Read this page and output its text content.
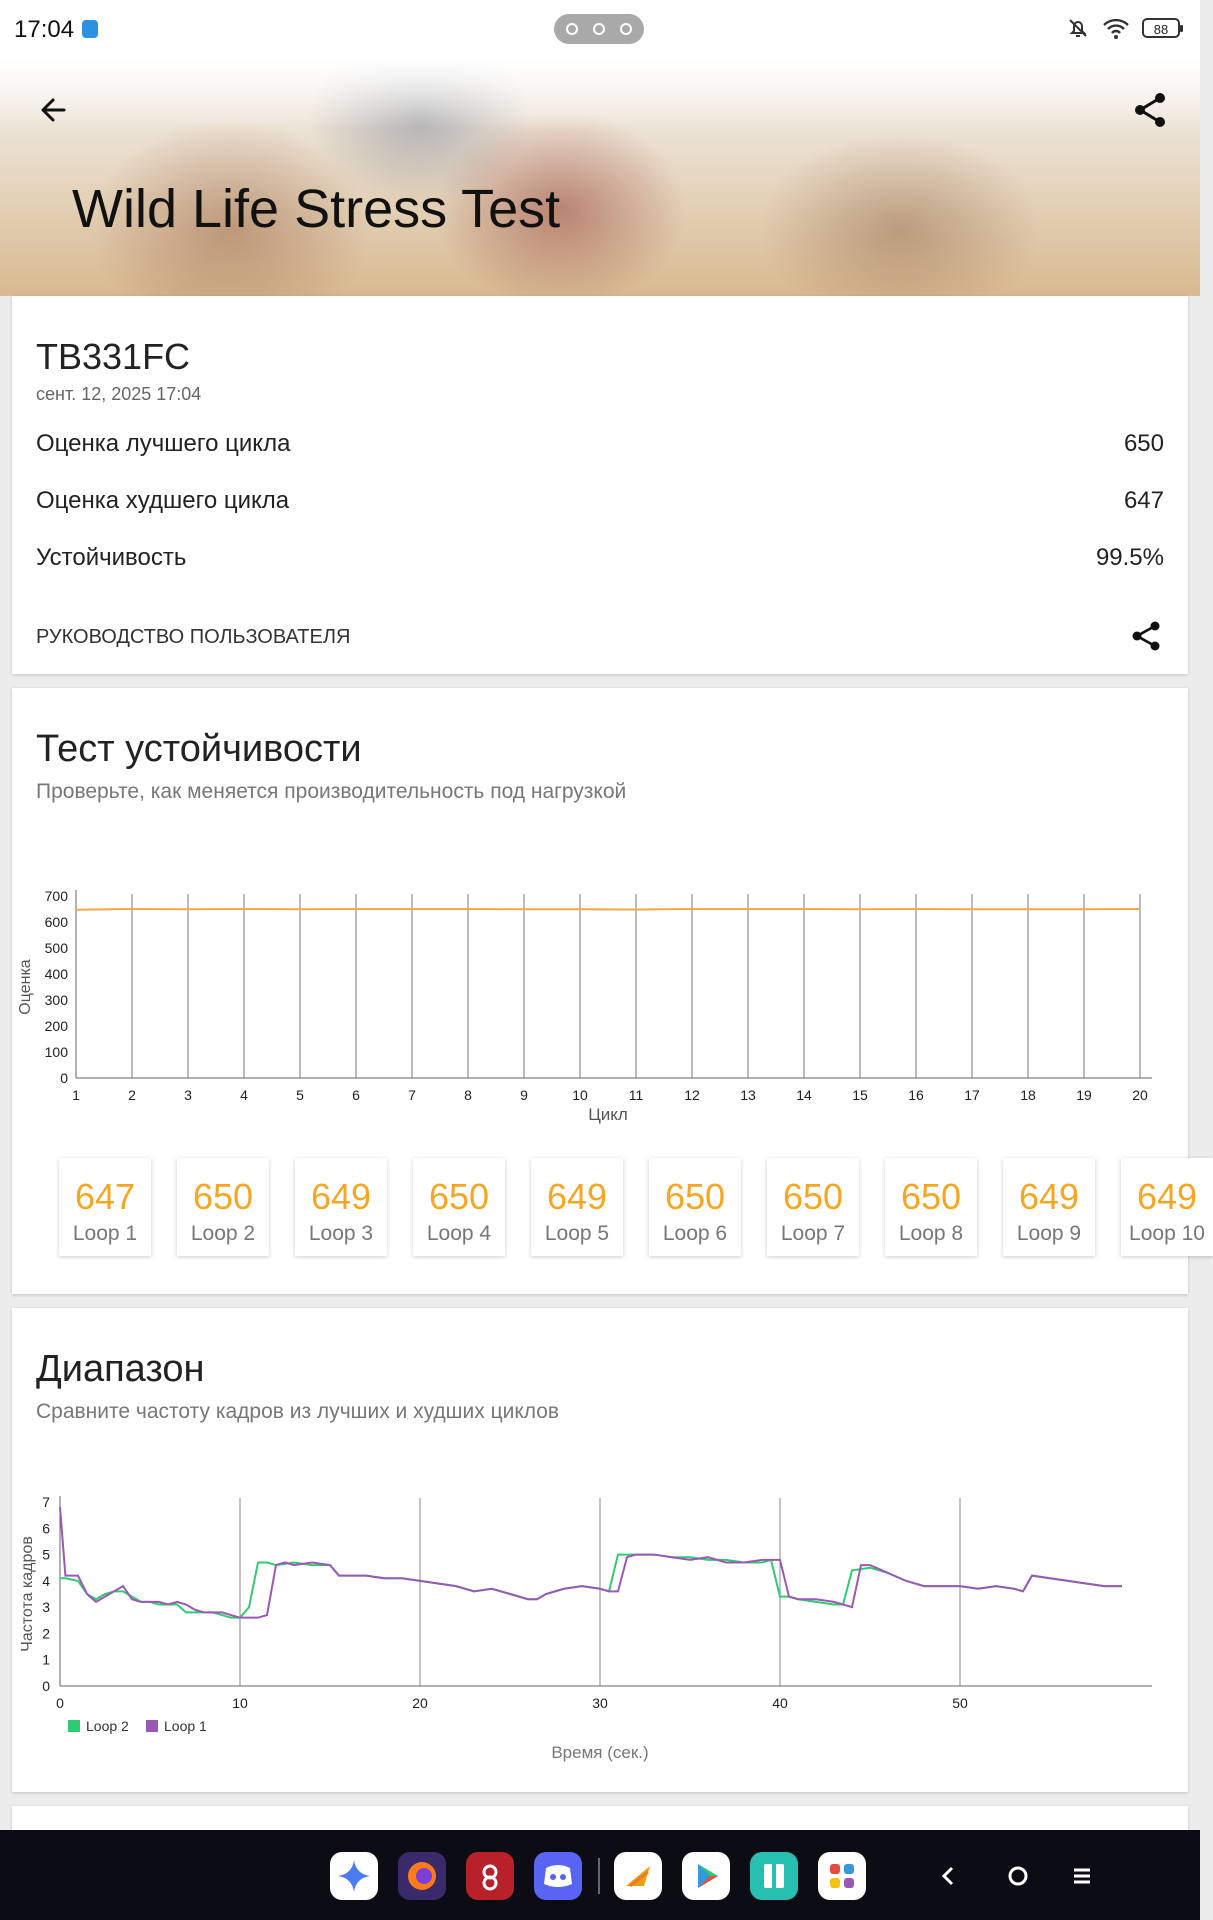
17:04	88
Wild Life Stress Test
TB331FC
сент. 12, 2025 17:04
Оценка лучшего цикла	650
Оценка худшего цикла	647
Устойчивость	99.5%
РУКОВОДСТВО ПОЛЬЗОВАТЕЛЯ
Тест устойчивости
Проверьте, как меняется производительность под нагрузкой
1	2	3	4	5	6	7	8	9	10	11	12	13	14	15	16	17	18	19	20
0
100
200
300
400
500
600
700
Цикл
Оценка
647
Loop 1
650
Loop 2
649
Loop 3
650
Loop 4
649
Loop 5
650
Loop 6
650
Loop 7
650
Loop 8
649
Loop 9
649
Loop 10
Диапазон
Сравните частоту кадров из лучших и худших циклов
0	10	20	30	40	50
0
1
2
3
4
5
6
7
Loop 2	Loop 1
Время (сек.)
Частота кадров
